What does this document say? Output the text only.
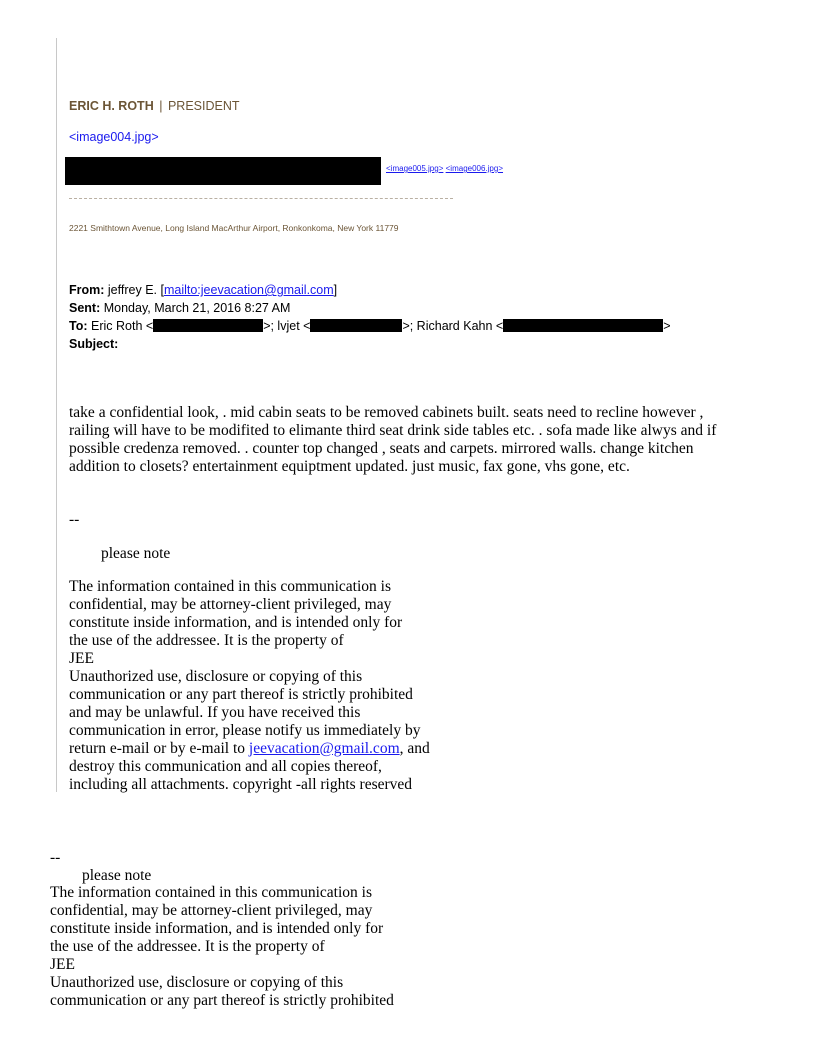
ERIC H. ROTH | PRESIDENT
<image004.jpg>
<image005.jpg> <image006.jpg>
2221 Smithtown Avenue, Long Island MacArthur Airport, Ronkonkoma, New York 11779
From: jeffrey E. [mailto:jeevacation@gmail.com]
Sent: Monday, March 21, 2016 8:27 AM
To: Eric Roth <	>; lvjet <	>; Richard Kahn <	>
Subject:
take a confidential look, . mid cabin seats to be removed cabinets built. seats need to recline however ,
railing will have to be modifited to elimante third seat drink side tables etc. . sofa made like alwys and if
possible credenza removed. . counter top changed , seats and carpets. mirrored walls. change kitchen
addition to closets? entertainment equiptment updated. just music, fax gone, vhs gone, etc.
--
please note
The information contained in this communication is
confidential, may be attorney-client privileged, may
constitute inside information, and is intended only for
the use of the addressee. It is the property of
JEE
Unauthorized use, disclosure or copying of this
communication or any part thereof is strictly prohibited
and may be unlawful. If you have received this
communication in error, please notify us immediately by
return e-mail or by e-mail to jeevacation@gmail.com, and
destroy this communication and all copies thereof,
including all attachments. copyright -all rights reserved
--
please note
The information contained in this communication is
confidential, may be attorney-client privileged, may
constitute inside information, and is intended only for
the use of the addressee. It is the property of
JEE
Unauthorized use, disclosure or copying of this
communication or any part thereof is strictly prohibited
